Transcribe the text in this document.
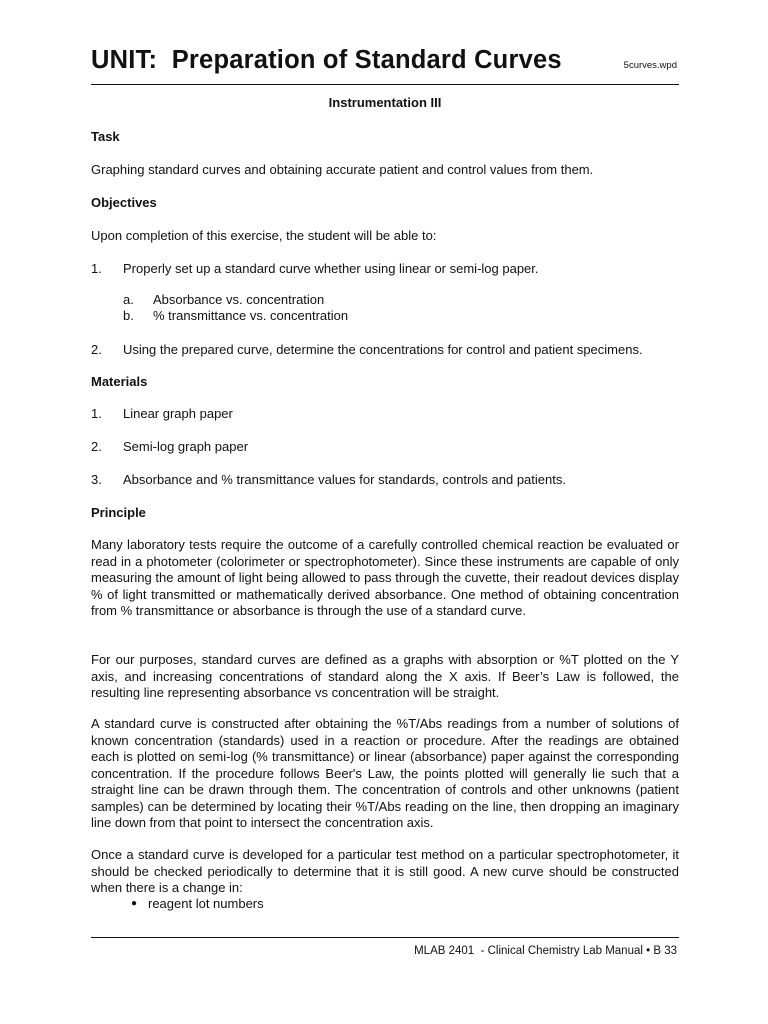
UNIT:  Preparation of Standard Curves	5curves.wpd
Instrumentation III
Task
Graphing standard curves and obtaining accurate patient and control values from them.
Objectives
Upon completion of this exercise, the student will be able to:
1. Properly set up a standard curve whether using linear or semi-log paper.
a. Absorbance vs. concentration
b. % transmittance vs. concentration
2. Using the prepared curve, determine the concentrations for control and patient specimens.
Materials
1. Linear graph paper
2. Semi-log graph paper
3. Absorbance and % transmittance values for standards, controls and patients.
Principle

Many laboratory tests require the outcome of a carefully controlled chemical reaction be evaluated or read in a photometer (colorimeter or spectrophotometer). Since these instruments are capable of only measuring the amount of light being allowed to pass through the cuvette, their readout devices display % of light transmitted or mathematically derived absorbance. One method of obtaining concentration from % transmittance or absorbance is through the use of a standard curve.

For our purposes, standard curves are defined as a graphs with absorption or %T plotted on the Y axis, and increasing concentrations of standard along the X axis. If Beer’s Law is followed, the resulting line representing absorbance vs concentration will be straight.

A standard curve is constructed after obtaining the %T/Abs readings from a number of solutions of known concentration (standards) used in a reaction or procedure. After the readings are obtained each is plotted on semi-log (% transmittance) or linear (absorbance) paper against the corresponding concentration. If the procedure follows Beer's Law, the points plotted will generally lie such that a straight line can be drawn through them. The concentration of controls and other unknowns (patient samples) can be determined by locating their %T/Abs reading on the line, then dropping an imaginary line down from that point to intersect the concentration axis.

Once a standard curve is developed for a particular test method on a particular spectrophotometer, it should be checked periodically to determine that it is still good. A new curve should be constructed when there is a change in:

● reagent lot numbers
MLAB 2401  - Clinical Chemistry Lab Manual • B 33
